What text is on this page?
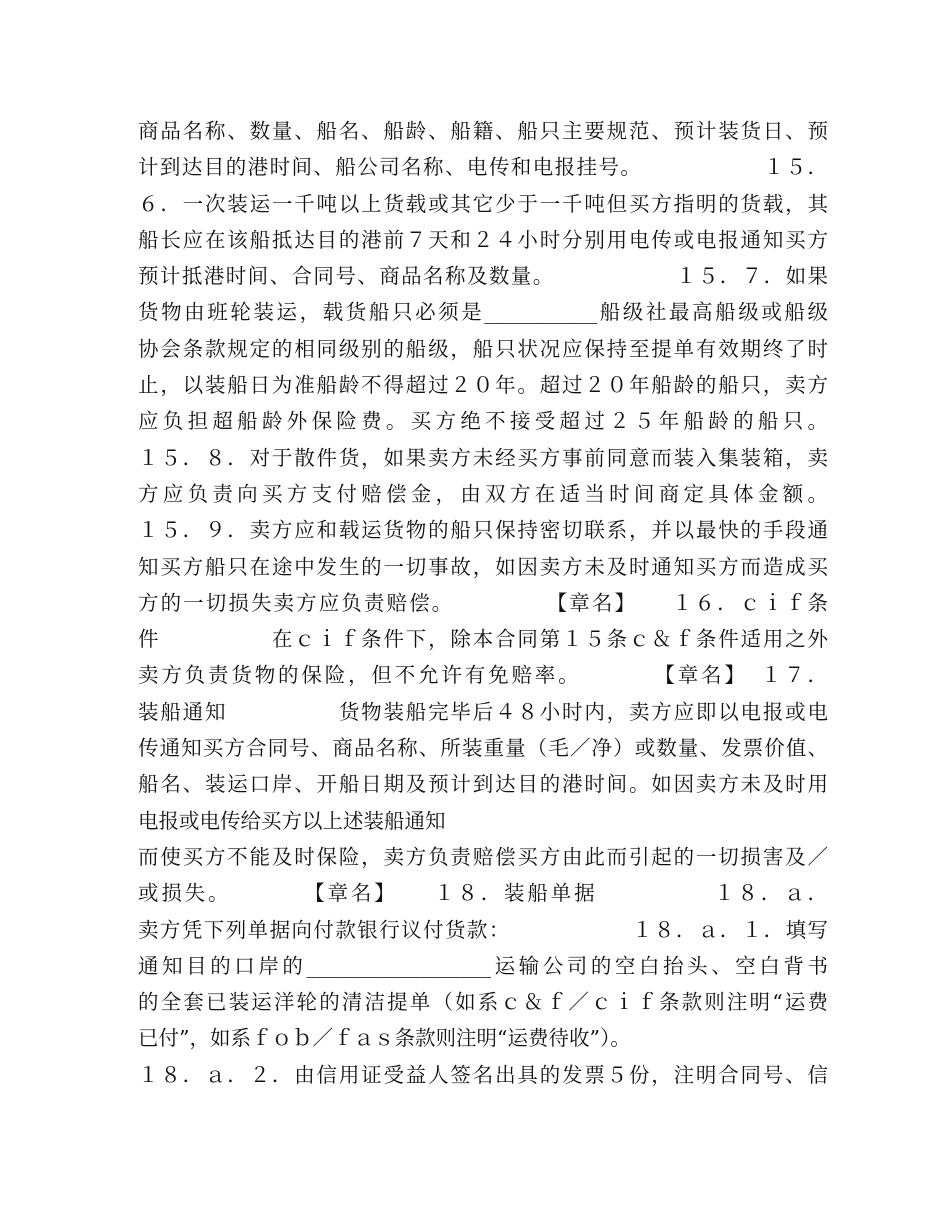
商品名称、数量、船名、船龄、船籍、船只主要规范、预计装货日、预
计到达目的港时间、船公司名称、电传和电报挂号。　　　　　　１５．
６．一次装运一千吨以上货载或其它少于一千吨但买方指明的货载，其
船长应在该船抵达目的港前７天和２４小时分别用电传或电报通知买方
预计抵港时间、合同号、商品名称及数量。　　　　　　１５．７．如果
货物由班轮装运，载货船只必须是___________船级社最高船级或船级
协会条款规定的相同级别的船级，船只状况应保持至提单有效期终了时
止，以装船日为准船龄不得超过２０年。超过２０年船龄的船只，卖方
应负担超船龄外保险费。买方绝不接受超过２５年船龄的船只。
１５．８．对于散件货，如果卖方未经买方事前同意而装入集装箱，卖
方应负责向买方支付赔偿金，由双方在适当时间商定具体金额。
１５．９．卖方应和载运货物的船只保持密切联系，并以最快的手段通
知买方船只在途中发生的一切事故，如因卖方未及时通知买方而造成买
方的一切损失卖方应负责赔偿。　　　　　【章名】　　１６．ｃｉｆ条
件　　　　　在ｃｉｆ条件下，除本合同第１５条ｃ＆ｆ条件适用之外
卖方负责货物的保险，但不允许有免赔率。　　　　【章名】　１７．
装船通知　　　　　货物装船完毕后４８小时内，卖方应即以电报或电
传通知买方合同号、商品名称、所装重量（毛／净）或数量、发票价值、
船名、装运口岸、开船日期及预计到达目的港时间。如因卖方未及时用
电报或电传给买方以上述装船通知
而使买方不能及时保险，卖方负责赔偿买方由此而引起的一切损害及／
或损失。　　　　【章名】　　１８．装船单据　　　　　１８．ａ．
卖方凭下列单据向付款银行议付货款：　　　　　　１８．ａ．１．填写
通知目的口岸的__________________运输公司的空白抬头、空白背书
的全套已装运洋轮的清洁提单（如系ｃ＆ｆ／ｃｉｆ条款则注明“运费
已付”，如系ｆｏｂ／ｆａｓ条款则注明“运费待收”）。
１８．ａ．２．由信用证受益人签名出具的发票５份，注明合同号、信
